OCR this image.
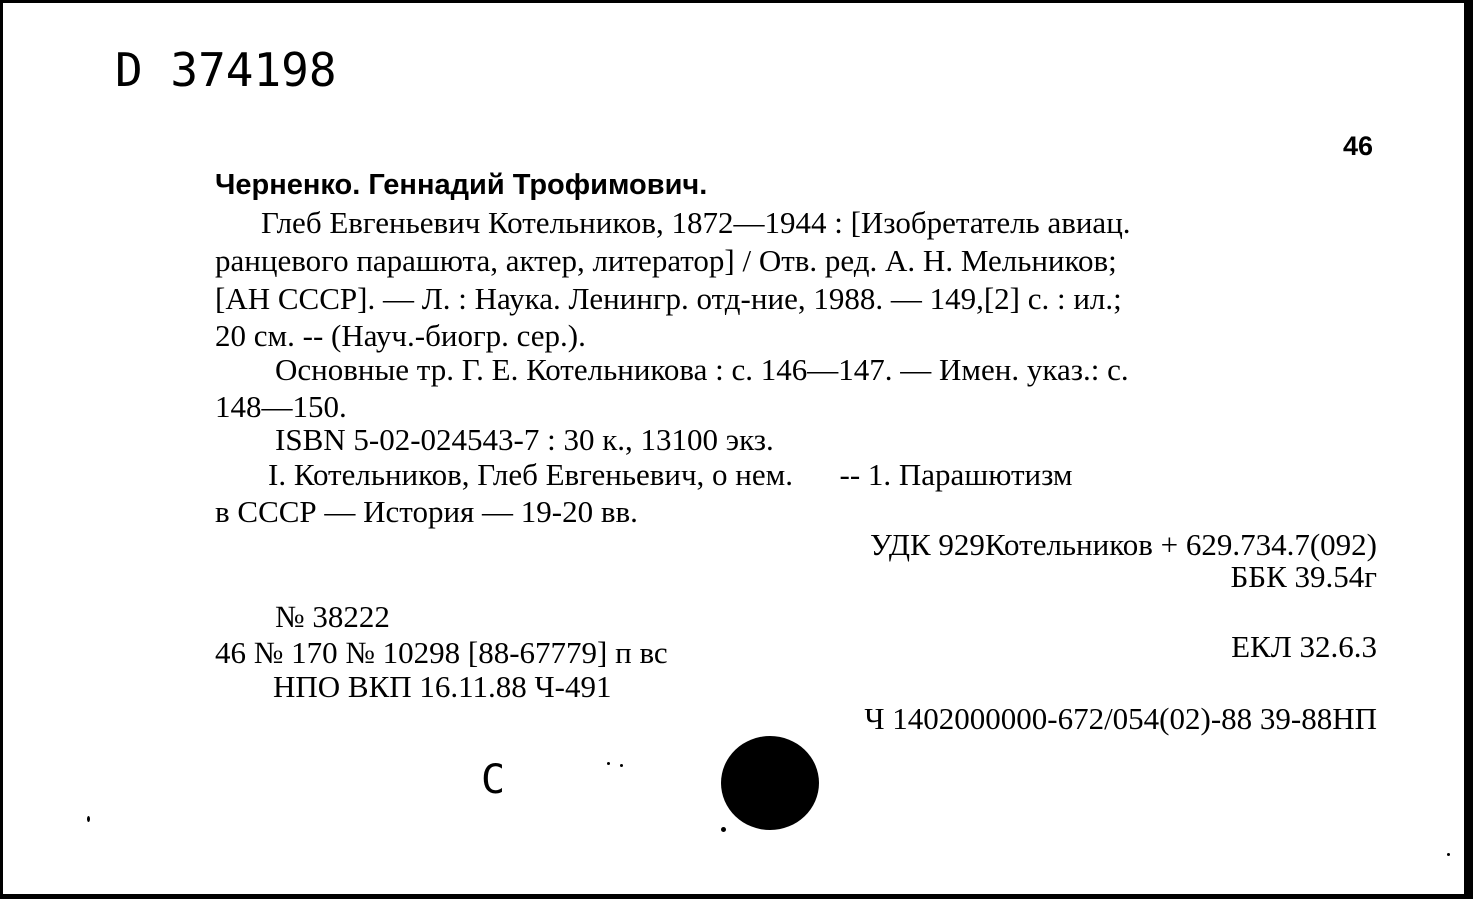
D 374198
46
Черненко. Геннадий Трофимович.
Глеб Евгеньевич Котельников, 1872—1944 : [Изобретатель авиац.
ранцевого парашюта, актер, литератор] / Отв. ред. А. Н. Мельников;
[АН СССР]. — Л. : Наука. Ленингр. отд-ние, 1988. — 149,[2] с. : ил.;
20 см. -- (Науч.-биогр. сер.).
Основные тр. Г. Е. Котельникова : с. 146—147. — Имен. указ.: с.
148—150.
ISBN 5-02-024543-7 : 30 к., 13100 экз.
I. Котельников, Глеб Евгеньевич, о нем.      -- 1. Парашютизм
в СССР — История — 19-20 вв.
УДК 929Котельников + 629.734.7(092)
ББК 39.54г
№ 38222
46 № 170 № 10298 [88-67779] п вс	ЕКЛ 32.6.3
НПО ВКП 16.11.88 Ч-491
Ч 1402000000-672/054(02)-88 39-88НП
С
